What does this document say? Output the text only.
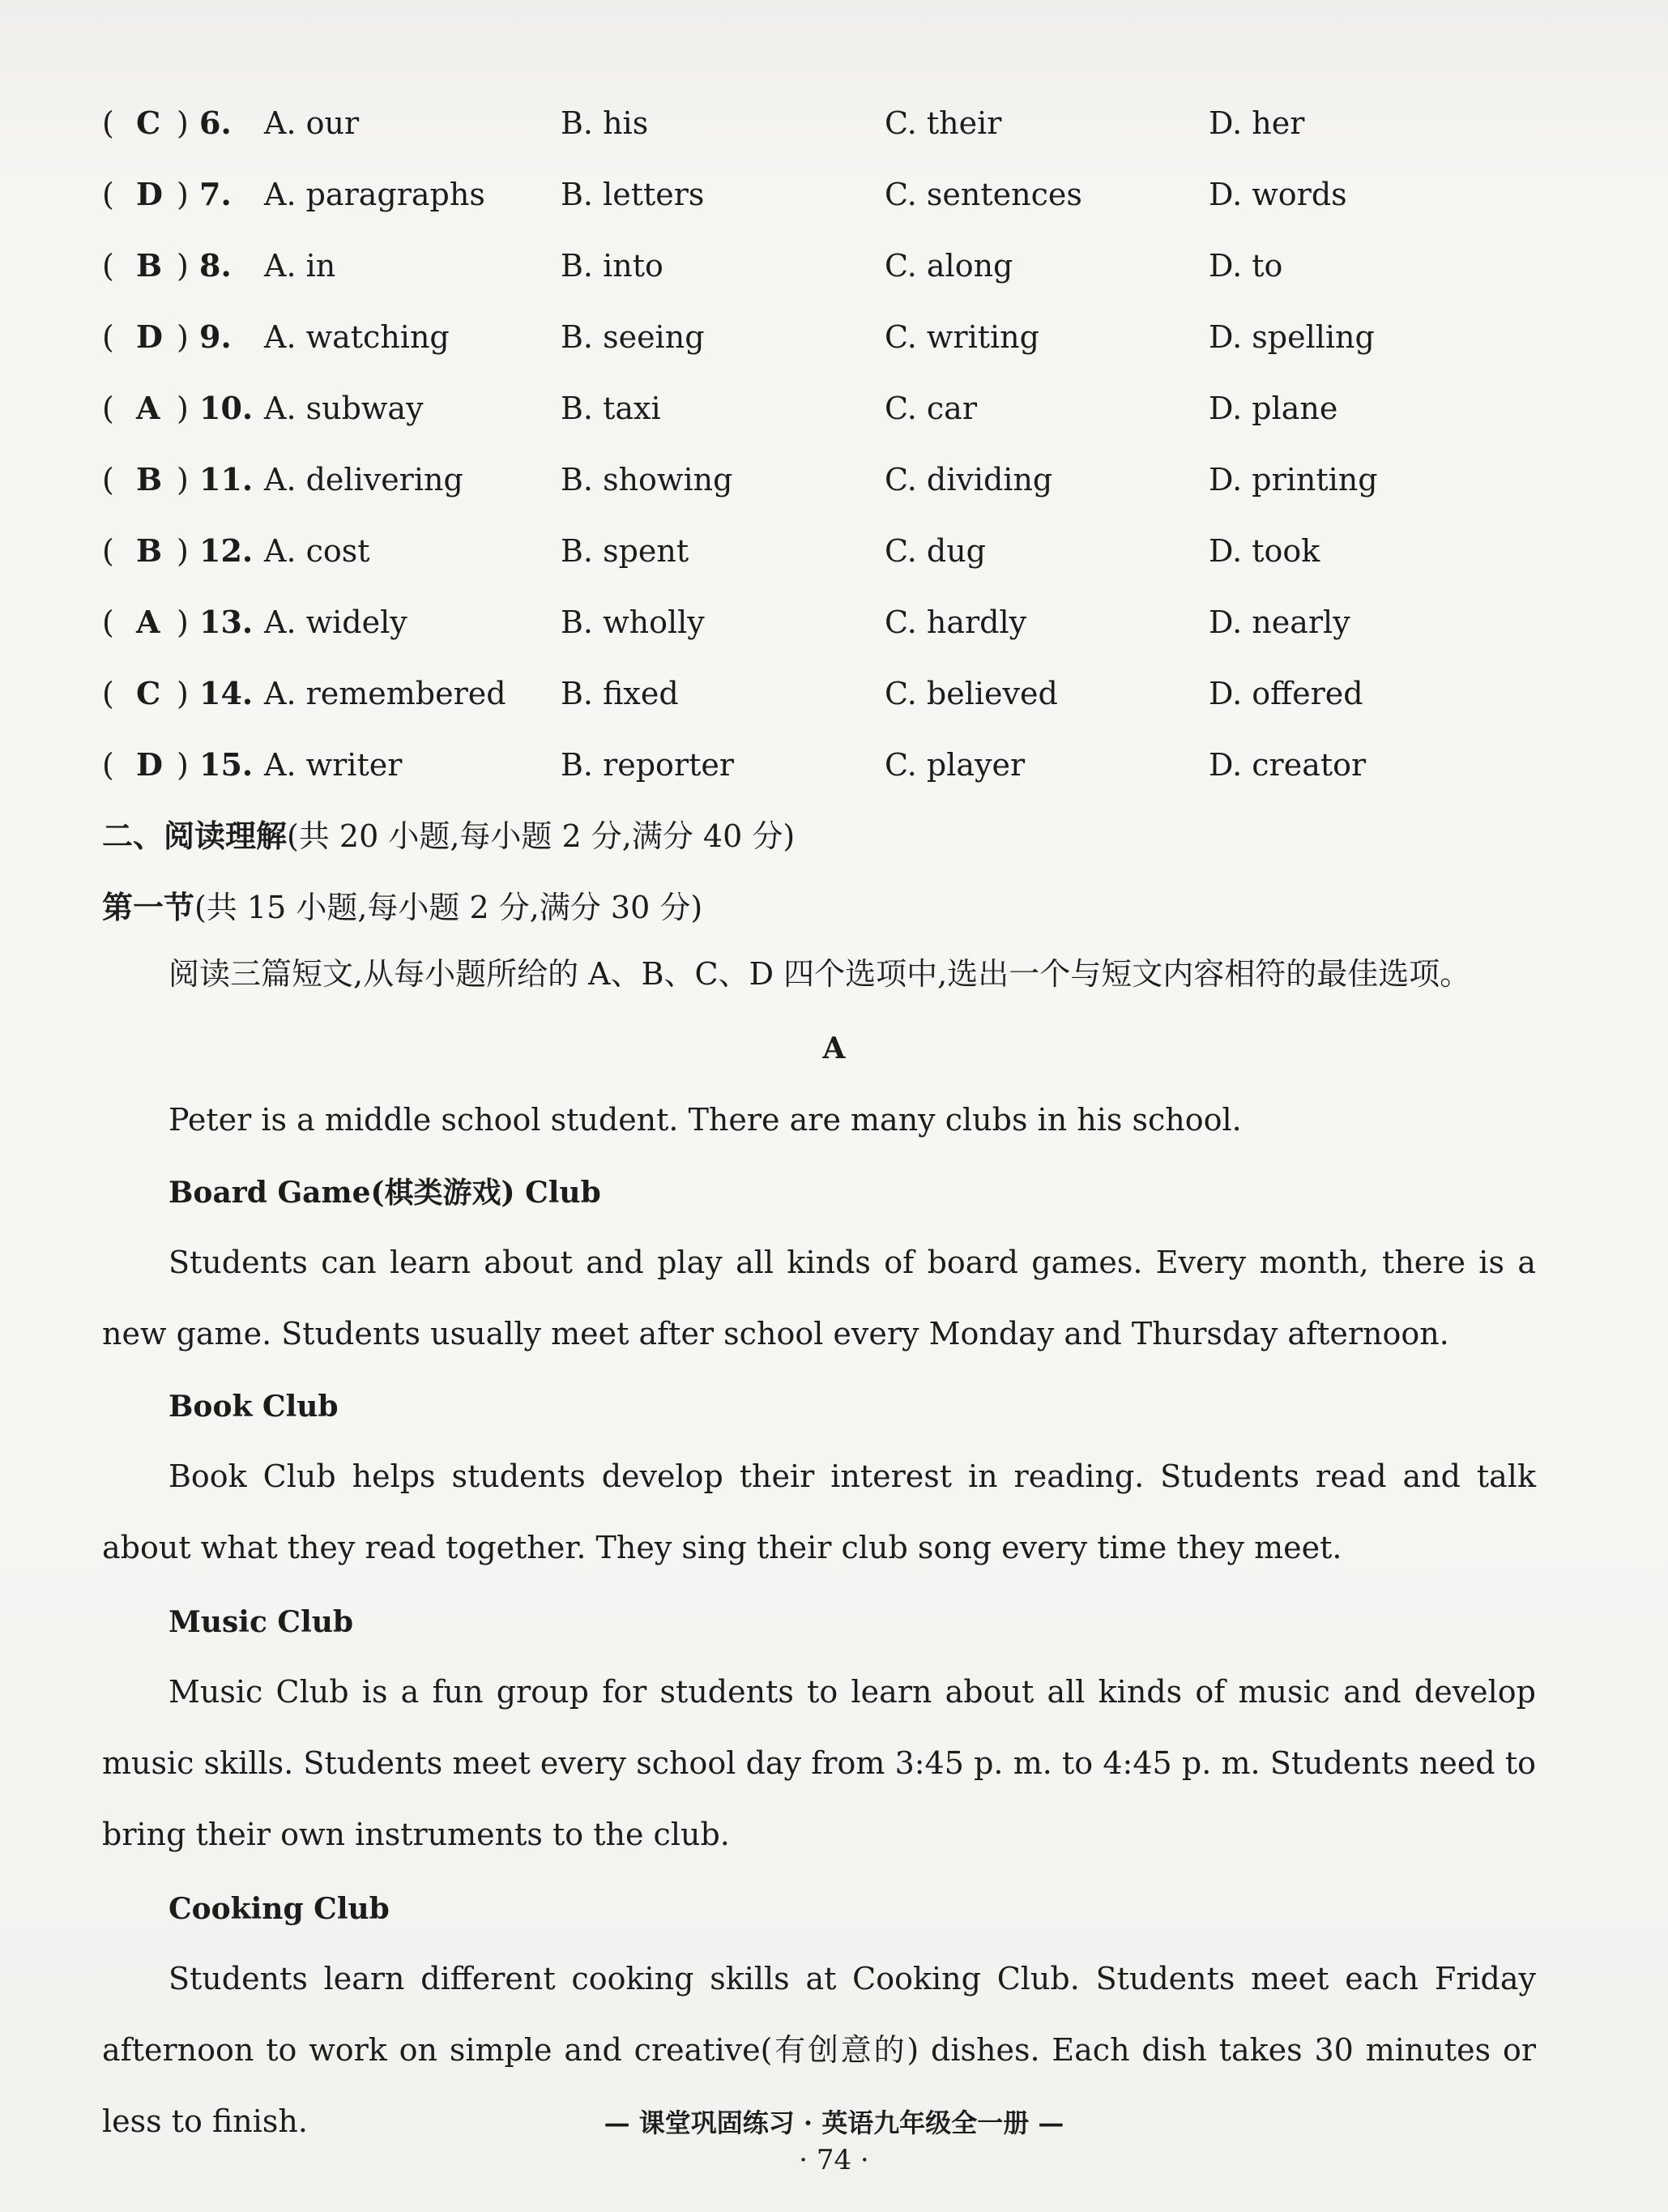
( C ) 6. A. our	B. his	C. their	D. her
( D ) 7. A. paragraphs B. letters	C. sentences	D. words
( B ) 8. A. in	B. into	C. along	D. to
( D ) 9. A. watching	B. seeing	C. writing	D. spelling
( A ) 10. A. subway	B. taxi	C. car	D. plane
( B ) 11. A. delivering	B. showing	C. dividing	D. printing
( B ) 12. A. cost	B. spent	C. dug	D. took
( A ) 13. A. widely	B. wholly	C. hardly	D. nearly
( C ) 14. A. remembered B. fixed	C. believed	D. offered
( D ) 15. A. writer	B. reporter	C. player	D. creator
二、阅读理解(共 20 小题,每小题 2 分,满分 40 分)
第一节(共 15 小题,每小题 2 分,满分 30 分)
阅读三篇短文,从每小题所给的 A、B、C、D 四个选项中,选出一个与短文内容相符的最佳选项。
A

Peter is a middle school student. There are many clubs in his school.

Board Game(棋类游戏) Club

Students can learn about and play all kinds of board games. Every month, there is a new game. Students usually meet after school every Monday and Thursday afternoon.

Book Club

Book Club helps students develop their interest in reading. Students read and talk about what they read together. They sing their club song every time they meet.

Music Club

Music Club is a fun group for students to learn about all kinds of music and develop music skills. Students meet every school day from 3:45 p. m. to 4:45 p. m. Students need to bring their own instruments to the club.

Cooking Club

Students learn different cooking skills at Cooking Club. Students meet each Friday afternoon to work on simple and creative(有创意的) dishes. Each dish takes 30 minutes or less to finish.	— 课堂巩固练习 · 英语九年级全一册 —
· 74 ·
